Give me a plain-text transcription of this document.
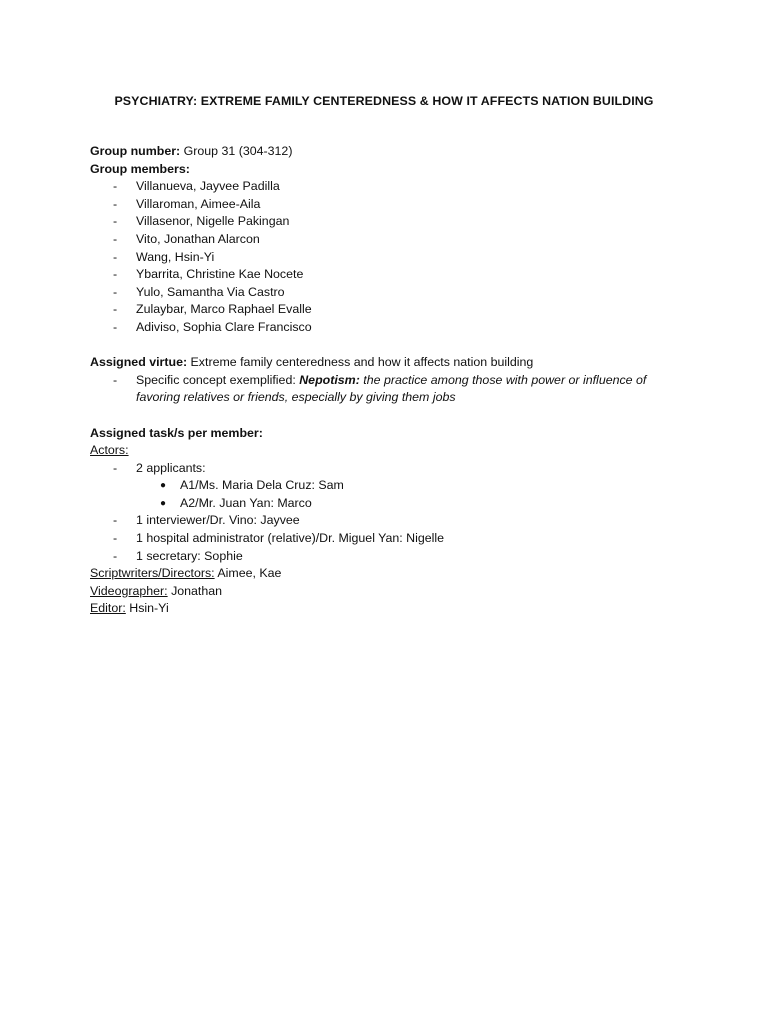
PSYCHIATRY: EXTREME FAMILY CENTEREDNESS & HOW IT AFFECTS NATION BUILDING
Group number: Group 31 (304-312)
Group members:
- Villanueva, Jayvee Padilla
- Villaroman, Aimee-Aila
- Villasenor, Nigelle Pakingan
- Vito, Jonathan Alarcon
- Wang, Hsin-Yi
- Ybarrita, Christine Kae Nocete
- Yulo, Samantha Via Castro
- Zulaybar, Marco Raphael Evalle
- Adiviso, Sophia Clare Francisco
Assigned virtue: Extreme family centeredness and how it affects nation building
- Specific concept exemplified: Nepotism: the practice among those with power or influence of favoring relatives or friends, especially by giving them jobs
Assigned task/s per member:
Actors:
- 2 applicants:
● A1/Ms. Maria Dela Cruz: Sam
● A2/Mr. Juan Yan: Marco
- 1 interviewer/Dr. Vino: Jayvee
- 1 hospital administrator (relative)/Dr. Miguel Yan: Nigelle
- 1 secretary: Sophie
Scriptwriters/Directors: Aimee, Kae
Videographer: Jonathan
Editor: Hsin-Yi
